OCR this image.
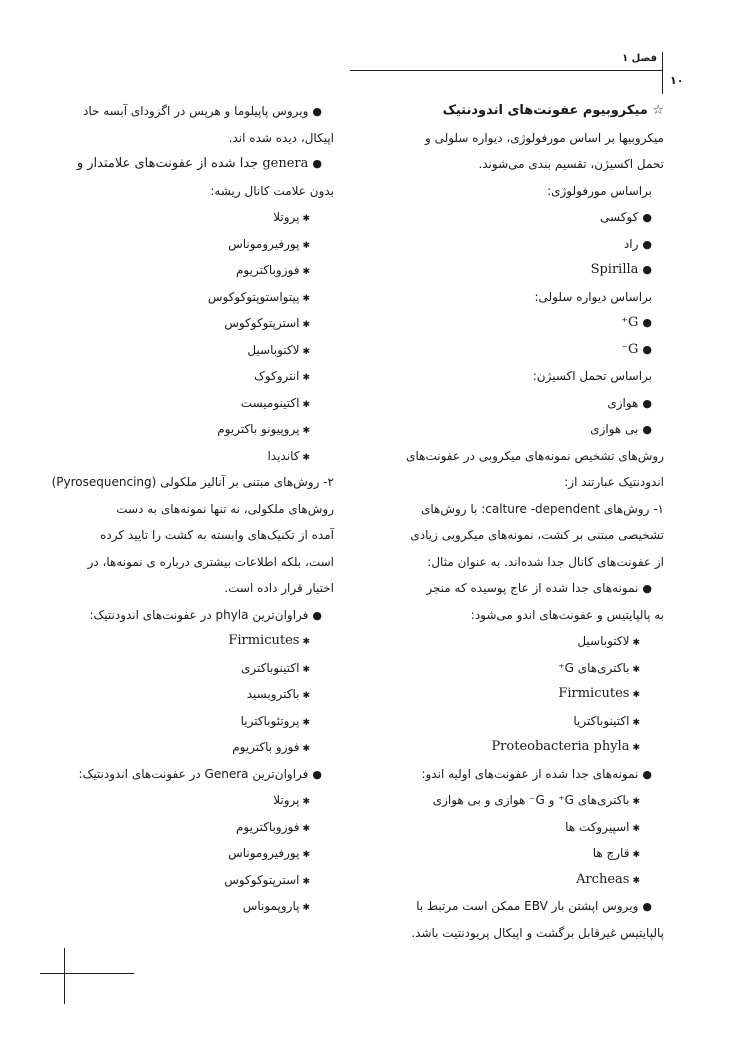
فصل ۱
۱۰
☆ میکروبیوم عفونت‌های اندودنتیک
میکروبیها بر اساس مورفولوژی، دیواره سلولی و
تحمل اکسیژن، تقسیم بندی می‌شوند.
براساس مورفولوژی:
●کوکسی
●راد
●Spirilla
براساس دیواره سلولی:
●G⁺
●G⁻
براساس تحمل اکسیژن:
●هوازی
●بی هوازی
روش‌های تشخیص نمونه‌های میکروبی در عفونت‌های
اندودنتیک عبارتند از:
۱- روش‌های calture -dependent: با روش‌های
تشخیصی مبتنی بر کشت، نمونه‌های میکروبی زیادی
از عفونت‌های کانال جدا شده‌اند. به عنوان مثال:
●نمونه‌های جدا شده از عاج پوسیده که منجر
به پالپایتیس و عفونت‌های اندو می‌شود:
✱لاکتوباسیل
✱باکتری‌های G⁺
✱Firmicutes
✱اکتینوباکتریا
✱Proteobacteria phyla
●نمونه‌های جدا شده از عفونت‌های اولیه اندو:
✱باکتری‌های G⁺ و G⁻ هوازی و بی هوازی
✱اسپیروکت ها
✱قارچ ها
✱Archeas
●ویروس اپشتن بار EBV ممکن است مرتبط با
پالپایتیس غیرقابل برگشت و اپیکال پریودنتیت باشد.
●ویروس پاپیلوما و هرپس در اگزودای آبسه حاد
اپیکال، دیده شده اند.
●genera جدا شده از عفونت‌های علامتدار و
بدون علامت کانال ریشه:
✱پروتلا
✱پورفیروموناس
✱فوزوباکتریوم
✱پپتواستوپتوکوکوس
✱استرپتوکوکوس
✱لاکتوباسیل
✱انتروکوک
✱اکتینومیست
✱پروپیونو باکتریوم
✱کاندیدا
۲- روش‌های مبتنی بر آنالیز ملکولی (Pyrosequencing)
روش‌های ملکولی، نه تنها نمونه‌های به دست
آمده از تکنیک‌های وابسته به کشت را تایید کرده
است، بلکه اطلاعات بیشتری درباره ی نمونه‌ها، در
اختیار قرار داده است.
●فراوان‌ترین phyla در عفونت‌های اندودنتیک:
✱Firmicutes
✱اکتینوباکتری
✱باکتروبسید
✱پروتئوباکتریا
✱فوزو باکتریوم
●فراوان‌ترین Genera در عفونت‌های اندودنتیک:
✱پروتلا
✱فوزوباکتریوم
✱پورفیروموناس
✱استرپتوکوکوس
✱پاروپموناس
